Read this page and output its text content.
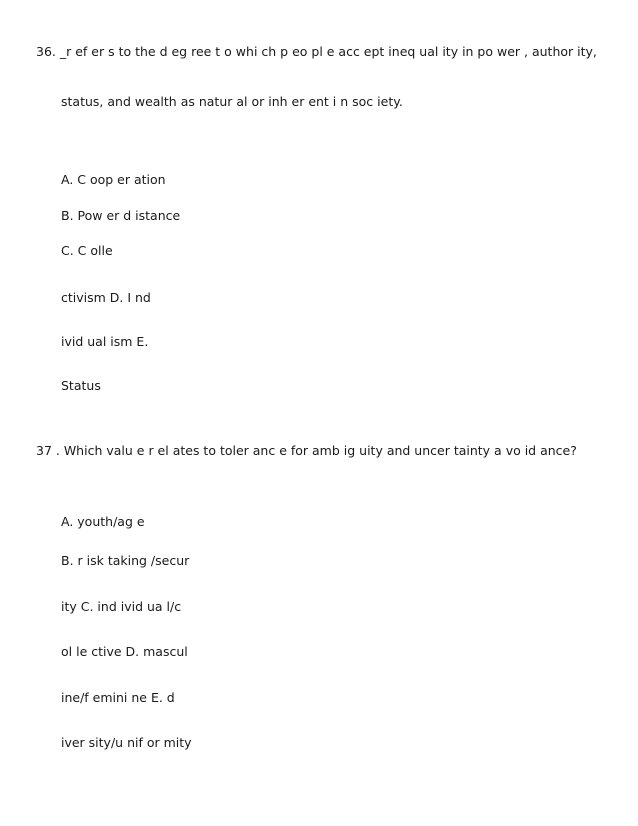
36. _r ef er s to the d eg ree t o whi ch p eo pl e acc ept ineq ual ity in po wer , author ity,
status, and wealth as natur al or inh er ent i n soc iety.
A. C oop er ation
B. Pow er d istance
C. C olle
ctivism D. I nd
ivid ual ism E.
Status
37 . Which valu e r el ates to toler anc e for amb ig uity and uncer tainty a vo id ance?
A. youth/ag e
B. r isk taking /secur
ity C. ind ivid ua l/c
ol le ctive D. mascul
ine/f emini ne E. d
iver sity/u nif or mity
